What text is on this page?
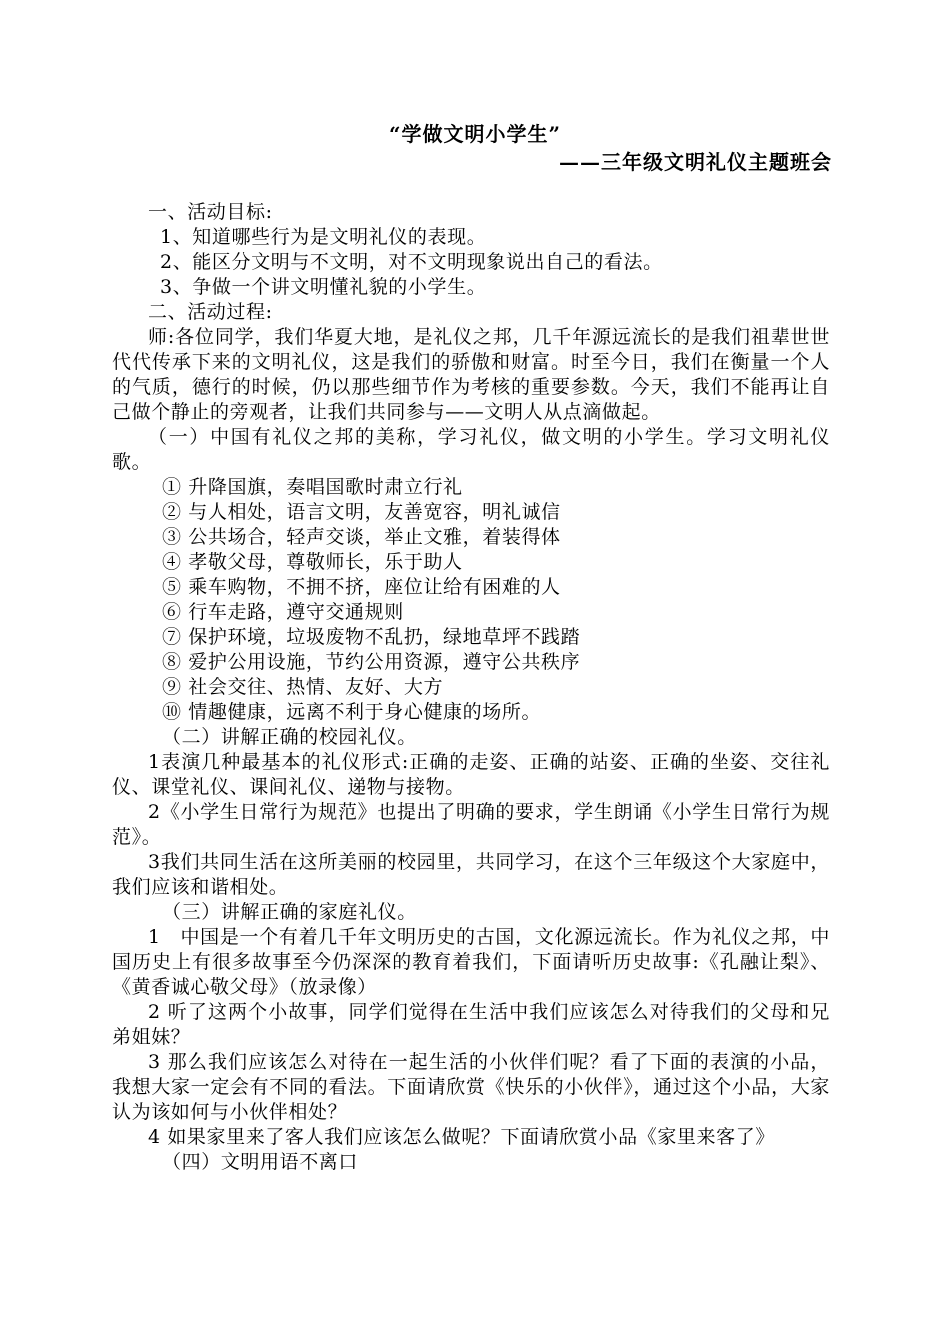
“学做文明小学生”
——三年级文明礼仪主题班会

一、活动目标:

1、知道哪些行为是文明礼仪的表现。

2、能区分文明与不文明，对不文明现象说出自己的看法。

3、争做一个讲文明懂礼貌的小学生。

二、活动过程:

师:各位同学，我们华夏大地，是礼仪之邦，几千年源远流长的是我们祖辈世世代代传承下来的文明礼仪，这是我们的骄傲和财富。时至今日，我们在衡量一个人的气质，德行的时候，仍以那些细节作为考核的重要参数。今天，我们不能再让自己做个静止的旁观者，让我们共同参与——文明人从点滴做起。

（一）中国有礼仪之邦的美称，学习礼仪，做文明的小学生。学习文明礼仪歌。

① 升降国旗，奏唱国歌时肃立行礼

② 与人相处，语言文明，友善宽容，明礼诚信

③ 公共场合，轻声交谈，举止文雅，着装得体

④ 孝敬父母，尊敬师长，乐于助人

⑤ 乘车购物，不拥不挤，座位让给有困难的人

⑥ 行车走路，遵守交通规则

⑦ 保护环境，垃圾废物不乱扔，绿地草坪不践踏

⑧ 爱护公用设施，节约公用资源，遵守公共秩序

⑨ 社会交往、热情、友好、大方

⑩ 情趣健康，远离不利于身心健康的场所。

（二）讲解正确的校园礼仪。

1表演几种最基本的礼仪形式:正确的走姿、正确的站姿、正确的坐姿、交往礼仪、课堂礼仪、课间礼仪、递物与接物。

2《小学生日常行为规范》也提出了明确的要求，学生朗诵《小学生日常行为规范》。

3我们共同生活在这所美丽的校园里，共同学习，在这个三年级这个大家庭中，我们应该和谐相处。

（三）讲解正确的家庭礼仪。

1　中国是一个有着几千年文明历史的古国，文化源远流长。作为礼仪之邦，中国历史上有很多故事至今仍深深的教育着我们，下面请听历史故事:《孔融让梨》、《黄香诚心敬父母》（放录像）

2 听了这两个小故事，同学们觉得在生活中我们应该怎么对待我们的父母和兄弟姐妹？

3 那么我们应该怎么对待在一起生活的小伙伴们呢？看了下面的表演的小品，我想大家一定会有不同的看法。下面请欣赏《快乐的小伙伴》，通过这个小品，大家认为该如何与小伙伴相处？

4 如果家里来了客人我们应该怎么做呢？下面请欣赏小品《家里来客了》

（四）文明用语不离口
